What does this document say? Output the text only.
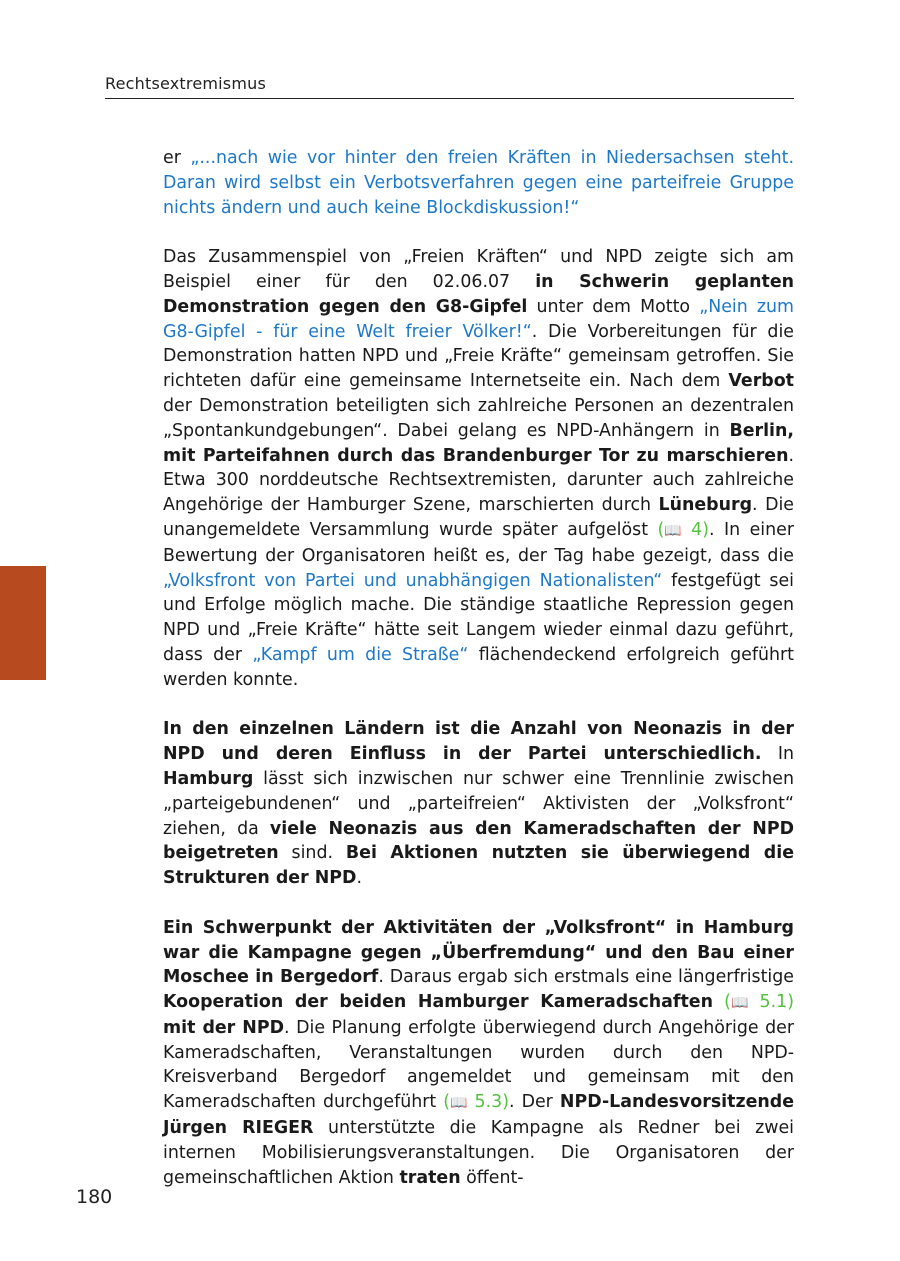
Rechtsextremismus

er „...nach wie vor hinter den freien Kräften in Niedersachsen steht. Daran wird selbst ein Verbotsverfahren gegen eine parteifreie Gruppe nichts ändern und auch keine Blockdiskussion!“

Das Zusammenspiel von „Freien Kräften“ und NPD zeigte sich am Beispiel einer für den 02.06.07 in Schwerin geplanten Demonstration gegen den G8-Gipfel unter dem Motto „Nein zum G8-Gipfel - für eine Welt freier Völker!“. Die Vorbereitungen für die Demonstration hatten NPD und „Freie Kräfte“ gemeinsam getroffen. Sie richteten dafür eine gemeinsame Internetseite ein. Nach dem Verbot der Demonstration beteiligten sich zahlreiche Personen an dezentralen „Spontankundgebungen“. Dabei gelang es NPD-Anhängern in Berlin, mit Parteifahnen durch das Brandenburger Tor zu marschieren. Etwa 300 norddeutsche Rechtsextremisten, darunter auch zahlreiche Angehörige der Hamburger Szene, marschierten durch Lüneburg. Die unangemeldete Versammlung wurde später aufgelöst (📖 4). In einer Bewertung der Organisatoren heißt es, der Tag habe gezeigt, dass die „Volksfront von Partei und unabhängigen Nationalisten“ festgefügt sei und Erfolge möglich mache. Die ständige staatliche Repression gegen NPD und „Freie Kräfte“ hätte seit Langem wieder einmal dazu geführt, dass der „Kampf um die Straße“ flächendeckend erfolgreich geführt werden konnte.

In den einzelnen Ländern ist die Anzahl von Neonazis in der NPD und deren Einfluss in der Partei unterschiedlich. In Hamburg lässt sich inzwischen nur schwer eine Trennlinie zwischen „parteigebundenen“ und „parteifreien“ Aktivisten der „Volksfront“ ziehen, da viele Neonazis aus den Kameradschaften der NPD beigetreten sind. Bei Aktionen nutzten sie überwiegend die Strukturen der NPD.

Ein Schwerpunkt der Aktivitäten der „Volksfront“ in Hamburg war die Kampagne gegen „Überfremdung“ und den Bau einer Moschee in Bergedorf. Daraus ergab sich erstmals eine längerfristige Kooperation der beiden Hamburger Kameradschaften (📖 5.1) mit der NPD. Die Planung erfolgte überwiegend durch Angehörige der Kameradschaften, Veranstaltungen wurden durch den NPD-Kreisverband Bergedorf angemeldet und gemeinsam mit den Kameradschaften durchgeführt (📖 5.3). Der NPD-Landesvorsitzende Jürgen RIEGER unterstützte die Kampagne als Redner bei zwei internen Mobilisierungsveranstaltungen. Die Organisatoren der gemeinschaftlichen Aktion traten öffent-

180
